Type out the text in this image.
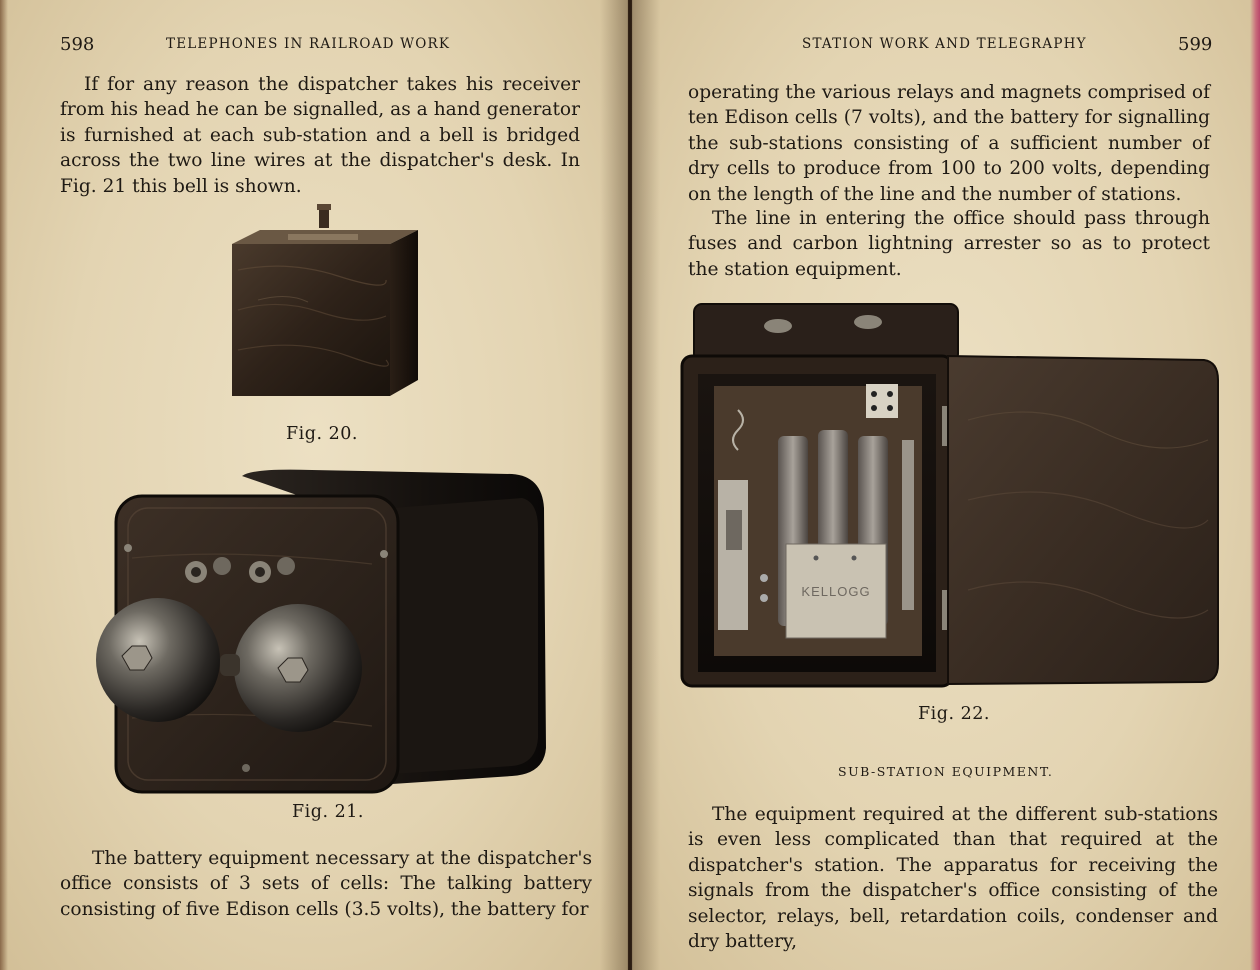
598	TELEPHONES IN RAILROAD WORK
If for any reason the dispatcher takes his receiver from his head he can be signalled, as a hand generator is furnished at each sub-station and a bell is bridged across the two line wires at the dispatcher's desk. In Fig. 21 this bell is shown.
Fig. 20.
Fig. 21.
The battery equipment necessary at the dispatcher's office consists of 3 sets of cells: The talking battery consisting of five Edison cells (3.5 volts), the battery for
STATION WORK AND TELEGRAPHY	599
operating the various relays and magnets comprised of ten Edison cells (7 volts), and the battery for signalling the sub-stations consisting of a sufficient number of dry cells to produce from 100 to 200 volts, depending on the length of the line and the number of stations.
The line in entering the office should pass through fuses and carbon lightning arrester so as to protect the station equipment.
KELLOGG
Fig. 22.
SUB-STATION EQUIPMENT.
The equipment required at the different sub-stations is even less complicated than that required at the dispatcher's station. The apparatus for receiving the signals from the dispatcher's office consisting of the selector, relays, bell, retardation coils, condenser and dry battery,
